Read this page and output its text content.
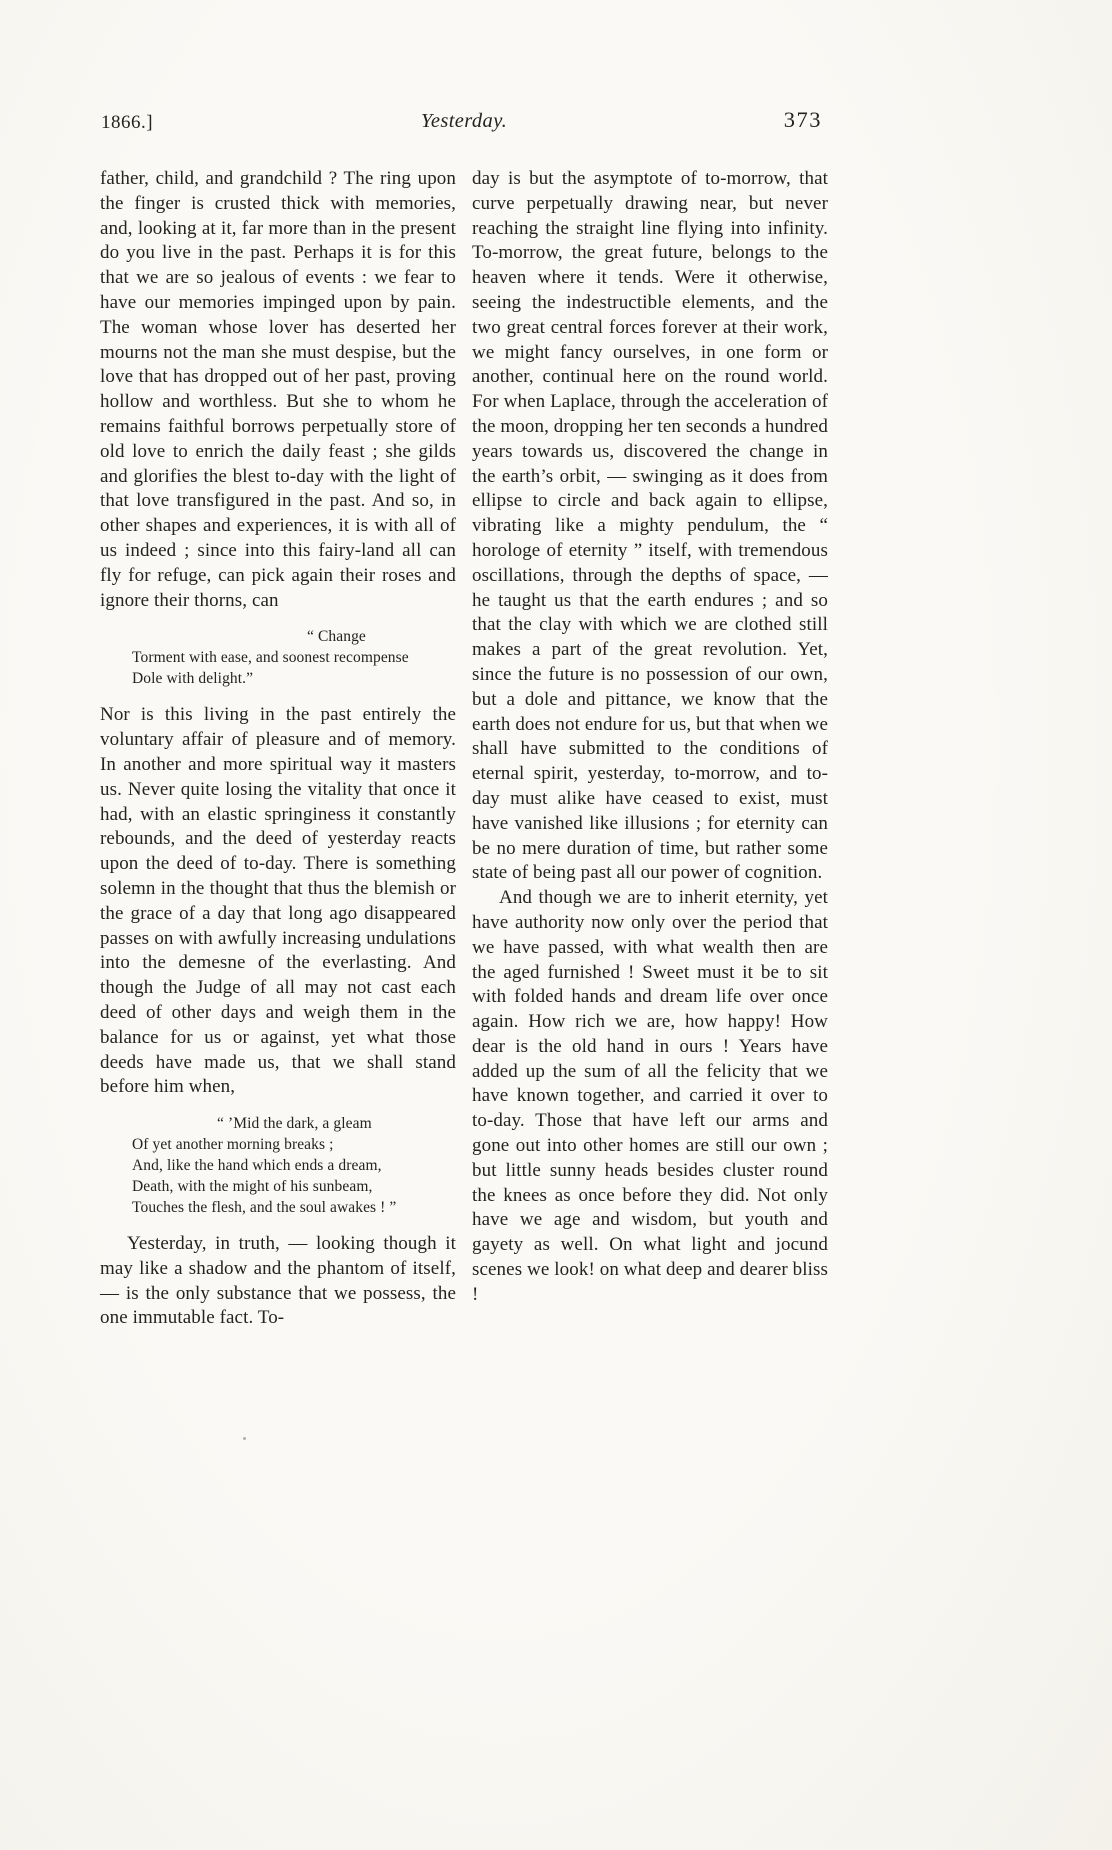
1866.]	Yesterday.	373

father, child, and grandchild ? The ring upon the finger is crusted thick with memories, and, looking at it, far more than in the present do you live in the past. Perhaps it is for this that we are so jealous of events : we fear to have our memories impinged upon by pain. The woman whose lover has deserted her mourns not the man she must despise, but the love that has dropped out of her past, proving hollow and worthless. But she to whom he remains faithful borrows perpetually store of old love to enrich the daily feast ; she gilds and glorifies the blest to-day with the light of that love transfigured in the past. And so, in other shapes and experiences, it is with all of us indeed ; since into this fairy-land all can fly for refuge, can pick again their roses and ignore their thorns, can

“ Change
Torment with ease, and soonest recompense
Dole with delight.”

Nor is this living in the past entirely the voluntary affair of pleasure and of memory. In another and more spiritual way it masters us. Never quite losing the vitality that once it had, with an elastic springiness it constantly rebounds, and the deed of yesterday reacts upon the deed of to-day. There is something solemn in the thought that thus the blemish or the grace of a day that long ago disappeared passes on with awfully increasing undulations into the demesne of the everlasting. And though the Judge of all may not cast each deed of other days and weigh them in the balance for us or against, yet what those deeds have made us, that we shall stand before him when,

“ ’Mid the dark, a gleam
Of yet another morning breaks ;
And, like the hand which ends a dream,
Death, with the might of his sunbeam,
Touches the flesh, and the soul awakes ! ”

Yesterday, in truth, — looking though it may like a shadow and the phantom of itself, — is the only substance that we possess, the one immutable fact. To-

day is but the asymptote of to-morrow, that curve perpetually drawing near, but never reaching the straight line flying into infinity. To-morrow, the great future, belongs to the heaven where it tends. Were it otherwise, seeing the indestructible elements, and the two great central forces forever at their work, we might fancy ourselves, in one form or another, continual here on the round world. For when Laplace, through the acceleration of the moon, dropping her ten seconds a hundred years towards us, discovered the change in the earth’s orbit, — swinging as it does from ellipse to circle and back again to ellipse, vibrating like a mighty pendulum, the “ horologe of eternity ” itself, with tremendous oscillations, through the depths of space, — he taught us that the earth endures ; and so that the clay with which we are clothed still makes a part of the great revolution. Yet, since the future is no possession of our own, but a dole and pittance, we know that the earth does not endure for us, but that when we shall have submitted to the conditions of eternal spirit, yesterday, to-morrow, and to-day must alike have ceased to exist, must have vanished like illusions ; for eternity can be no mere duration of time, but rather some state of being past all our power of cognition.

And though we are to inherit eternity, yet have authority now only over the period that we have passed, with what wealth then are the aged furnished ! Sweet must it be to sit with folded hands and dream life over once again. How rich we are, how happy! How dear is the old hand in ours ! Years have added up the sum of all the felicity that we have known together, and carried it over to to-day. Those that have left our arms and gone out into other homes are still our own ; but little sunny heads besides cluster round the knees as once before they did. Not only have we age and wisdom, but youth and gayety as well. On what light and jocund scenes we look! on what deep and dearer bliss !
